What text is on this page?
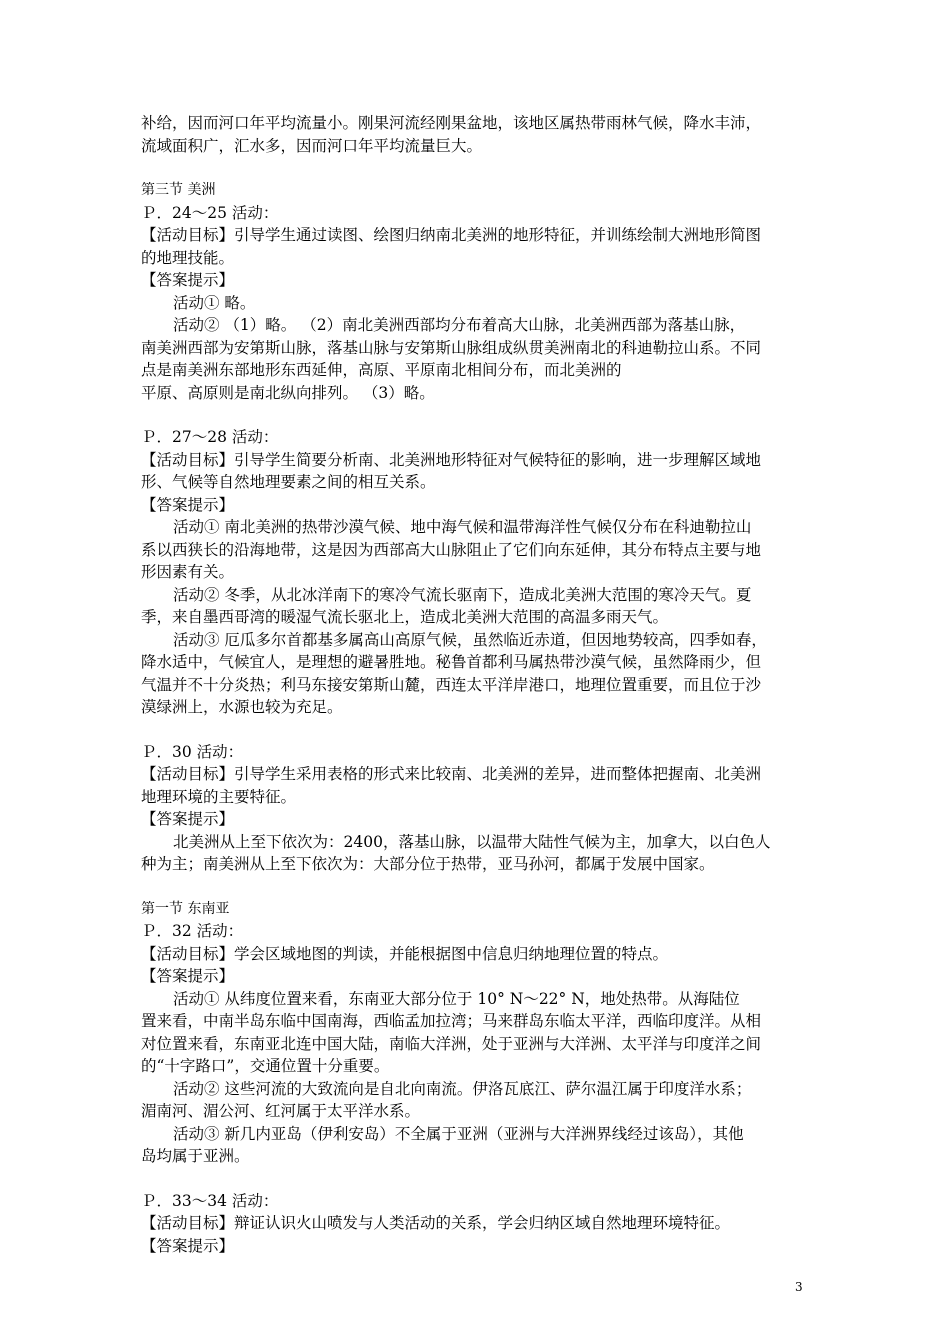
补给，因而河口年平均流量小。刚果河流经刚果盆地，该地区属热带雨林气候，降水丰沛，
流域面积广，汇水多，因而河口年平均流量巨大。
第三节 美洲
Ｐ．24～25 活动：
【活动目标】引导学生通过读图、绘图归纳南北美洲的地形特征，并训练绘制大洲地形简图
的地理技能。
【答案提示】
活动① 略。
活动② （1）略。 （2）南北美洲西部均分布着高大山脉，北美洲西部为落基山脉，
南美洲西部为安第斯山脉，落基山脉与安第斯山脉组成纵贯美洲南北的科迪勒拉山系。不同
点是南美洲东部地形东西延伸，高原、平原南北相间分布，而北美洲的
平原、高原则是南北纵向排列。 （3）略。
Ｐ．27～28 活动：
【活动目标】引导学生简要分析南、北美洲地形特征对气候特征的影响，进一步理解区域地
形、气候等自然地理要素之间的相互关系。
【答案提示】
活动① 南北美洲的热带沙漠气候、地中海气候和温带海洋性气候仅分布在科迪勒拉山
系以西狭长的沿海地带，这是因为西部高大山脉阻止了它们向东延伸，其分布特点主要与地
形因素有关。
活动② 冬季，从北冰洋南下的寒冷气流长驱南下，造成北美洲大范围的寒冷天气。夏
季，来自墨西哥湾的暖湿气流长驱北上，造成北美洲大范围的高温多雨天气。
活动③ 厄瓜多尔首都基多属高山高原气候，虽然临近赤道，但因地势较高，四季如春，
降水适中，气候宜人，是理想的避暑胜地。秘鲁首都利马属热带沙漠气候，虽然降雨少，但
气温并不十分炎热；利马东接安第斯山麓，西连太平洋岸港口，地理位置重要，而且位于沙
漠绿洲上，水源也较为充足。
Ｐ．30 活动：
【活动目标】引导学生采用表格的形式来比较南、北美洲的差异，进而整体把握南、北美洲
地理环境的主要特征。
【答案提示】
北美洲从上至下依次为：2400，落基山脉，以温带大陆性气候为主，加拿大，以白色人
种为主；南美洲从上至下依次为：大部分位于热带，亚马孙河，都属于发展中国家。
第一节 东南亚
Ｐ．32 活动：
【活动目标】学会区域地图的判读，并能根据图中信息归纳地理位置的特点。
【答案提示】
活动① 从纬度位置来看，东南亚大部分位于 10° N～22° N，地处热带。从海陆位
置来看，中南半岛东临中国南海，西临孟加拉湾；马来群岛东临太平洋，西临印度洋。从相
对位置来看，东南亚北连中国大陆，南临大洋洲，处于亚洲与大洋洲、太平洋与印度洋之间
的“十字路口”，交通位置十分重要。
活动② 这些河流的大致流向是自北向南流。伊洛瓦底江、萨尔温江属于印度洋水系；
湄南河、湄公河、红河属于太平洋水系。
活动③ 新几内亚岛（伊利安岛）不全属于亚洲（亚洲与大洋洲界线经过该岛），其他
岛均属于亚洲。
Ｐ．33～34 活动：
【活动目标】辩证认识火山喷发与人类活动的关系，学会归纳区域自然地理环境特征。
【答案提示】
3
